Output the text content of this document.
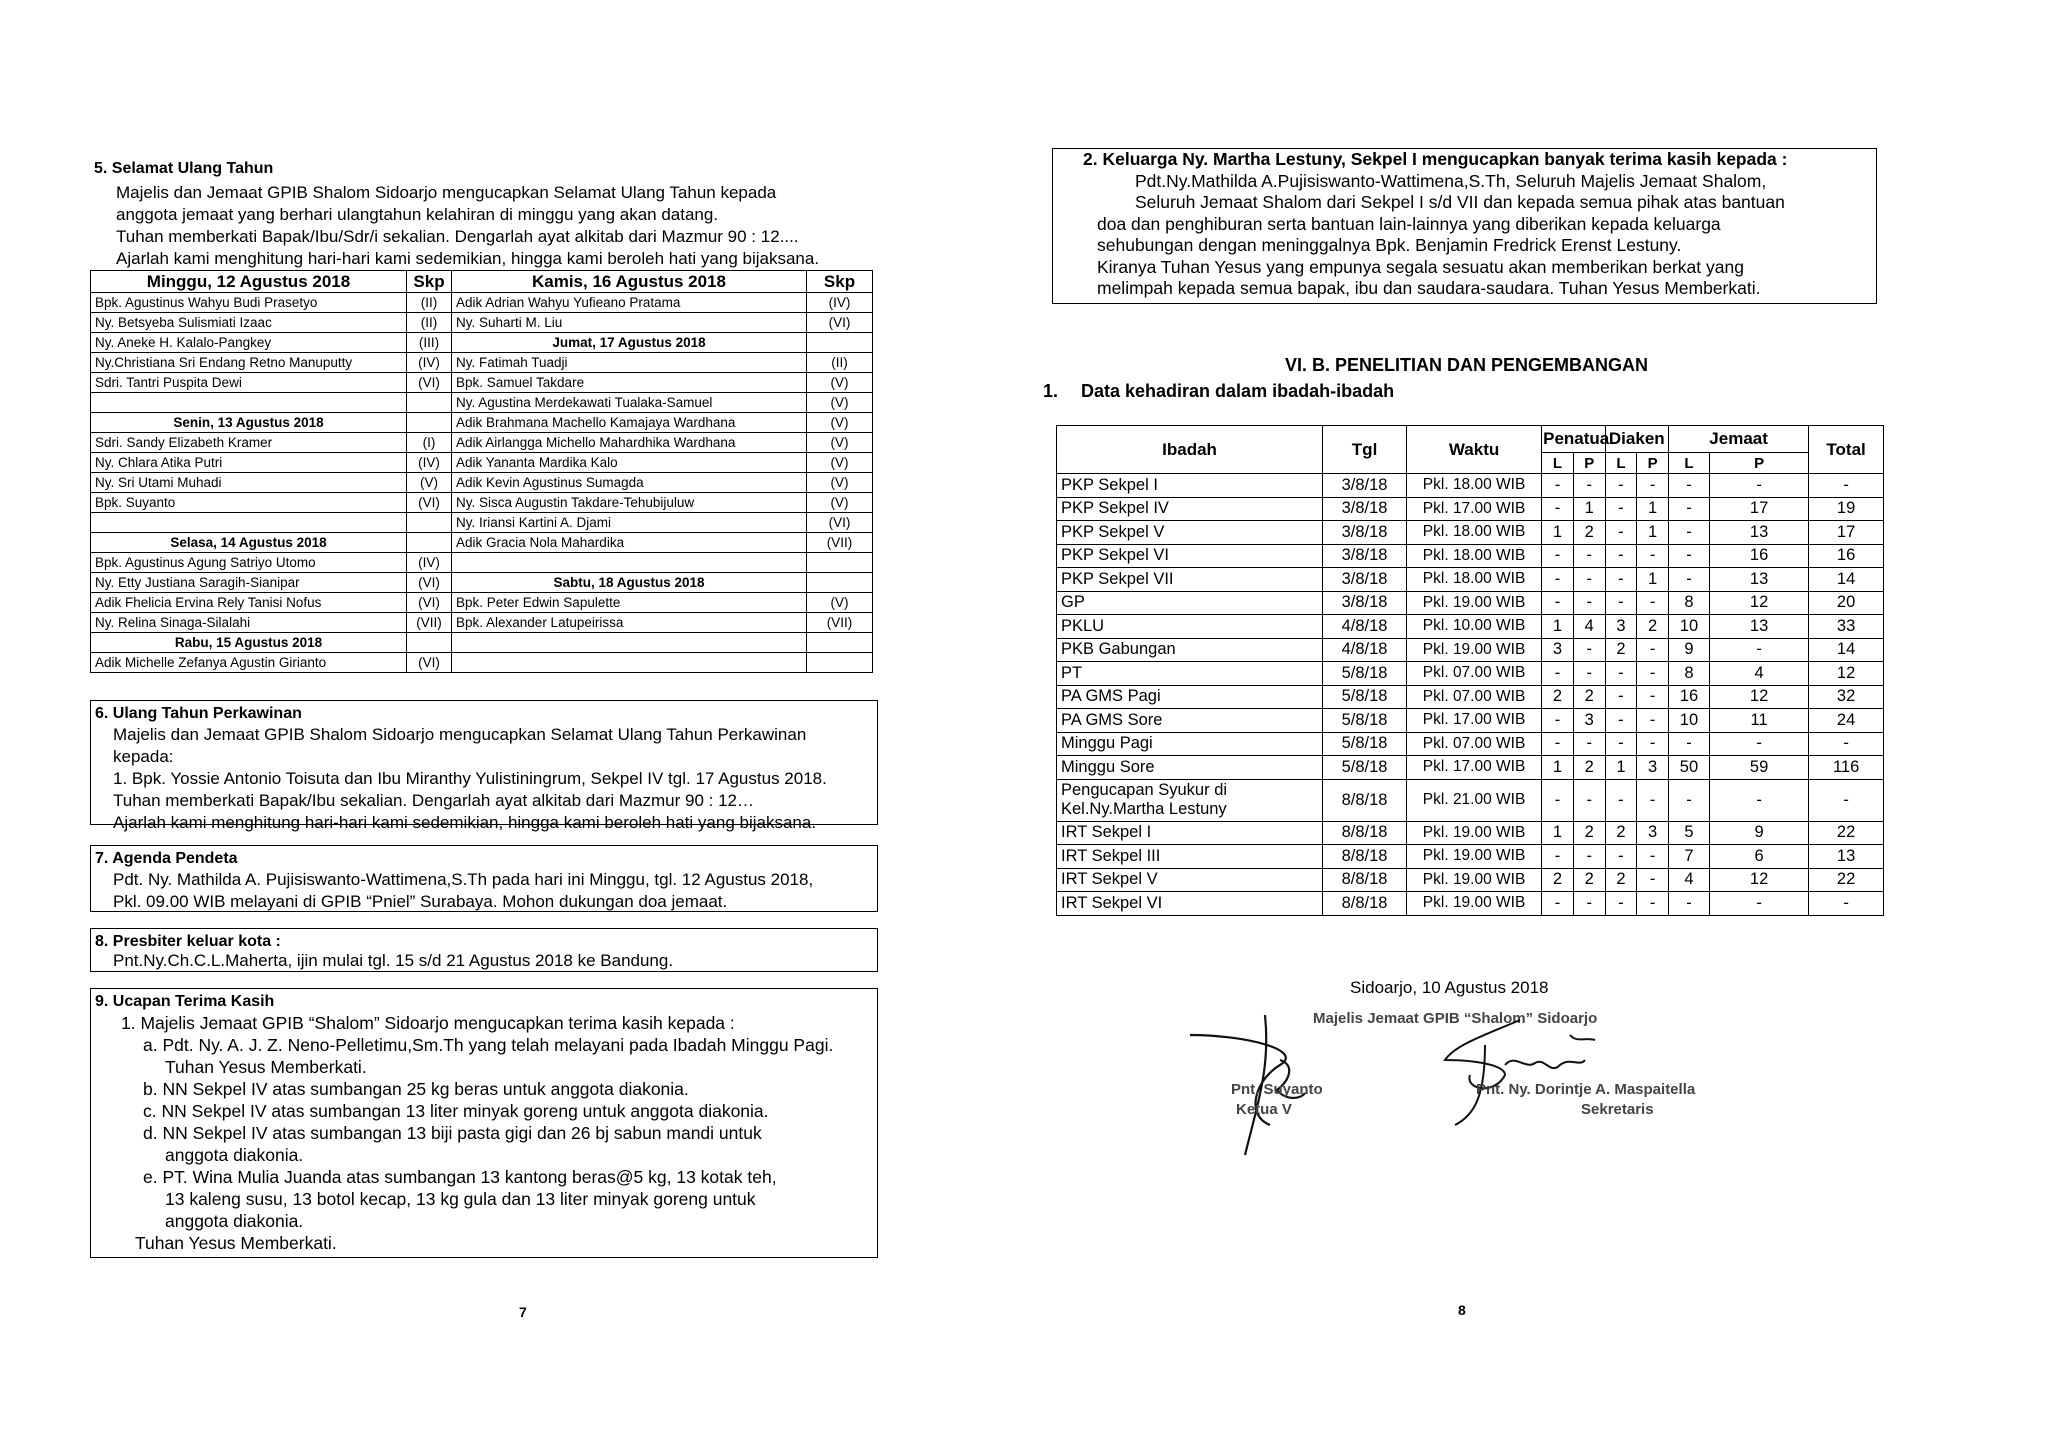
5. Selamat Ulang Tahun
Majelis dan Jemaat GPIB Shalom Sidoarjo mengucapkan Selamat Ulang Tahun kepada
anggota jemaat yang berhari ulangtahun kelahiran di minggu yang akan datang.
Tuhan memberkati Bapak/Ibu/Sdr/i sekalian. Dengarlah ayat alkitab dari Mazmur 90 : 12....
Ajarlah kami menghitung hari-hari kami sedemikian, hingga kami beroleh hati yang bijaksana.
Minggu, 12 Agustus 2018	Skp	Kamis, 16 Agustus 2018	Skp
Bpk. Agustinus Wahyu Budi Prasetyo	(II)	Adik Adrian Wahyu Yufieano Pratama	(IV)
Ny. Betsyeba Sulismiati Izaac	(II)	Ny. Suharti M. Liu	(VI)
Ny. Aneke H. Kalalo-Pangkey	(III)	Jumat, 17 Agustus 2018	
Ny.Christiana Sri Endang Retno Manuputty	(IV)	Ny. Fatimah Tuadji	(II)
Sdri. Tantri Puspita Dewi	(VI)	Bpk. Samuel Takdare	(V)
		Ny. Agustina Merdekawati Tualaka-Samuel	(V)
Senin, 13 Agustus 2018		Adik Brahmana Machello Kamajaya Wardhana	(V)
Sdri. Sandy Elizabeth Kramer	(I)	Adik Airlangga Michello Mahardhika Wardhana	(V)
Ny. Chlara Atika Putri	(IV)	Adik Yananta Mardika Kalo	(V)
Ny. Sri Utami Muhadi	(V)	Adik Kevin Agustinus Sumagda	(V)
Bpk. Suyanto	(VI)	Ny. Sisca Augustin Takdare-Tehubijuluw	(V)
		Ny. Iriansi Kartini A. Djami	(VI)
Selasa, 14 Agustus 2018		Adik Gracia Nola Mahardika	(VII)
Bpk. Agustinus Agung Satriyo Utomo	(IV)		
Ny. Etty Justiana Saragih-Sianipar	(VI)	Sabtu, 18 Agustus 2018	
Adik Fhelicia Ervina Rely Tanisi Nofus	(VI)	Bpk. Peter Edwin Sapulette	(V)
Ny. Relina Sinaga-Silalahi	(VII)	Bpk. Alexander Latupeirissa	(VII)
Rabu, 15 Agustus 2018			
Adik Michelle Zefanya Agustin Girianto	(VI)		
6. Ulang Tahun Perkawinan
Majelis dan Jemaat GPIB Shalom Sidoarjo mengucapkan Selamat Ulang Tahun Perkawinan
kepada:
1. Bpk. Yossie Antonio Toisuta dan Ibu Miranthy Yulistiningrum, Sekpel IV tgl. 17 Agustus 2018.
Tuhan memberkati Bapak/Ibu sekalian. Dengarlah ayat alkitab dari Mazmur 90 : 12…
Ajarlah kami menghitung hari-hari kami sedemikian, hingga kami beroleh hati yang bijaksana.
7. Agenda Pendeta
Pdt. Ny. Mathilda A. Pujisiswanto-Wattimena,S.Th pada hari ini Minggu, tgl. 12 Agustus 2018,
Pkl. 09.00 WIB melayani di GPIB “Pniel” Surabaya. Mohon dukungan doa jemaat.
8. Presbiter keluar kota :
Pnt.Ny.Ch.C.L.Maherta, ijin mulai tgl. 15 s/d 21 Agustus 2018 ke Bandung.
9. Ucapan Terima Kasih
1. Majelis Jemaat GPIB “Shalom” Sidoarjo mengucapkan terima kasih kepada :
a. Pdt. Ny. A. J. Z. Neno-Pelletimu,Sm.Th yang telah melayani pada Ibadah Minggu Pagi.
Tuhan Yesus Memberkati.
b. NN Sekpel IV atas sumbangan 25 kg beras untuk anggota diakonia.
c. NN Sekpel IV atas sumbangan 13 liter minyak goreng untuk anggota diakonia.
d. NN Sekpel IV atas sumbangan 13 biji pasta gigi dan 26 bj sabun mandi untuk
anggota diakonia.
e. PT. Wina Mulia Juanda atas sumbangan 13 kantong beras@5 kg, 13 kotak teh,
13 kaleng susu, 13 botol kecap, 13 kg gula dan 13 liter minyak goreng untuk
anggota diakonia.
Tuhan Yesus Memberkati.
7
2. Keluarga Ny. Martha Lestuny, Sekpel I mengucapkan banyak terima kasih kepada :
Pdt.Ny.Mathilda A.Pujisiswanto-Wattimena,S.Th, Seluruh Majelis Jemaat Shalom,
Seluruh Jemaat Shalom dari Sekpel I s/d VII dan kepada semua pihak atas bantuan
doa dan penghiburan serta bantuan lain-lainnya yang diberikan kepada keluarga
sehubungan dengan meninggalnya Bpk. Benjamin Fredrick Erenst Lestuny.
Kiranya Tuhan Yesus yang empunya segala sesuatu akan memberikan berkat yang
melimpah kepada semua bapak, ibu dan saudara-saudara. Tuhan Yesus Memberkati.
VI. B. PENELITIAN DAN PENGEMBANGAN
1. Data kehadiran dalam ibadah-ibadah
Ibadah	Tgl	Waktu	Penatua		Diaken		Jemaat		Total
			L	P	L	P	L	P	
PKP Sekpel I	3/8/18	Pkl. 18.00 WIB	-	-	-	-	-	-	-
PKP Sekpel IV	3/8/18	Pkl. 17.00 WIB	-	1	-	1	-	17	19
PKP Sekpel V	3/8/18	Pkl. 18.00 WIB	1	2	-	1	-	13	17
PKP Sekpel VI	3/8/18	Pkl. 18.00 WIB	-	-	-	-	-	16	16
PKP Sekpel VII	3/8/18	Pkl. 18.00 WIB	-	-	-	1	-	13	14
GP	3/8/18	Pkl. 19.00 WIB	-	-	-	-	8	12	20
PKLU	4/8/18	Pkl. 10.00 WIB	1	4	3	2	10	13	33
PKB Gabungan	4/8/18	Pkl. 19.00 WIB	3	-	2	-	9	-	14
PT	5/8/18	Pkl. 07.00 WIB	-	-	-	-	8	4	12
PA GMS Pagi	5/8/18	Pkl. 07.00 WIB	2	2	-	-	16	12	32
PA GMS Sore	5/8/18	Pkl. 17.00 WIB	-	3	-	-	10	11	24
Minggu Pagi	5/8/18	Pkl. 07.00 WIB	-	-	-	-	-	-	-
Minggu Sore	5/8/18	Pkl. 17.00 WIB	1	2	1	3	50	59	116
Pengucapan Syukur di
Kel.Ny.Martha Lestuny	8/8/18	Pkl. 21.00 WIB	-	-	-	-	-	-	-
IRT Sekpel I	8/8/18	Pkl. 19.00 WIB	1	2	2	3	5	9	22
IRT Sekpel III	8/8/18	Pkl. 19.00 WIB	-	-	-	-	7	6	13
IRT Sekpel V	8/8/18	Pkl. 19.00 WIB	2	2	2	-	4	12	22
IRT Sekpel VI	8/8/18	Pkl. 19.00 WIB	-	-	-	-	-	-	-
Sidoarjo, 10 Agustus 2018
Majelis Jemaat GPIB “Shalom” Sidoarjo
Pnt. Suyanto
Ketua V
Pnt. Ny. Dorintje A. Maspaitella
Sekretaris
8
